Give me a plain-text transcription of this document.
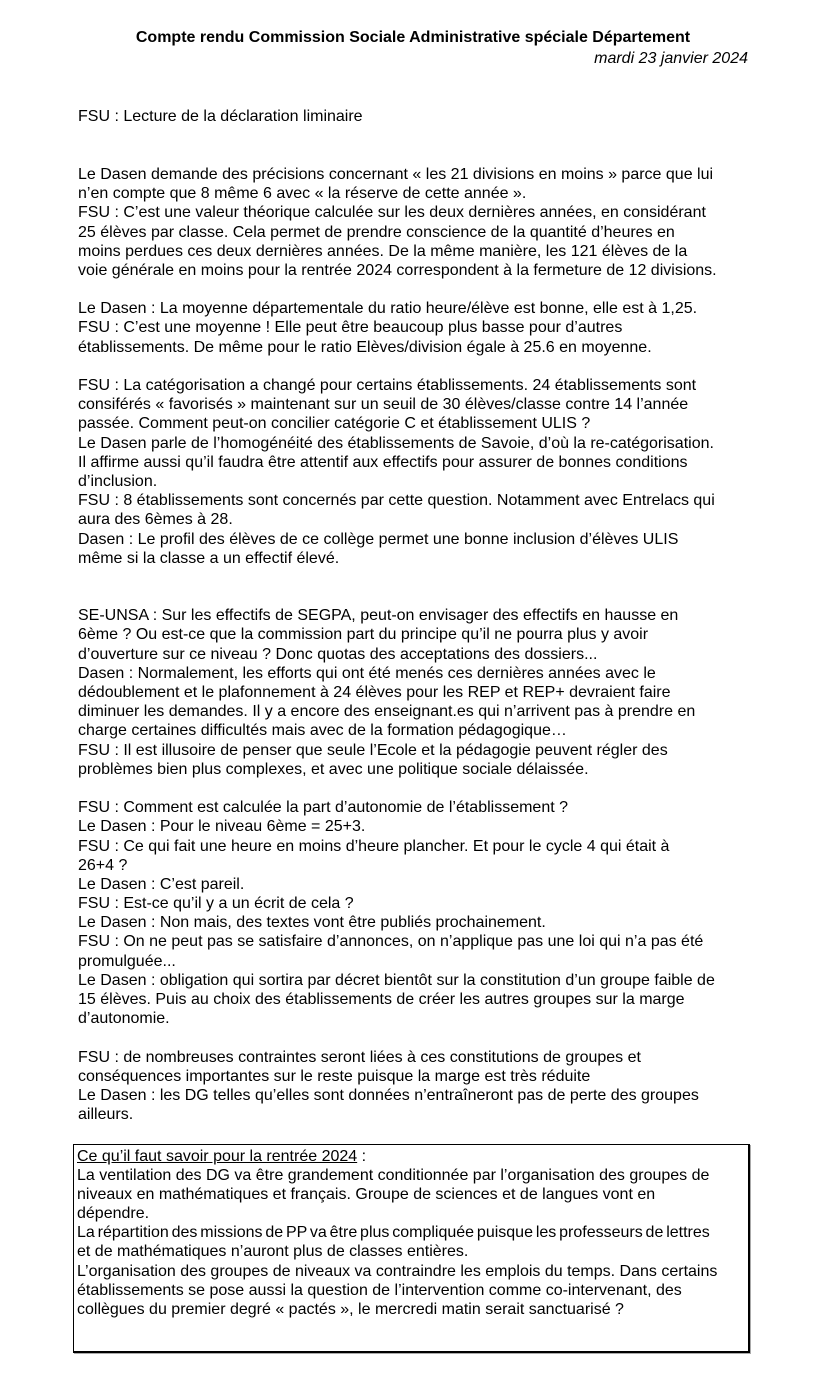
Compte rendu Commission Sociale Administrative spéciale Département
mardi 23 janvier 2024
FSU : Lecture de la déclaration liminaire
Le Dasen demande des précisions concernant « les 21 divisions en moins » parce que lui
n’en compte que 8 même 6 avec « la réserve de cette année ».
FSU : C’est une valeur théorique calculée sur les deux dernières années, en considérant
25 élèves par classe. Cela permet de prendre conscience de la quantité d’heures en
moins perdues ces deux dernières années. De la même manière, les 121 élèves de la
voie générale en moins pour la rentrée 2024 correspondent à la fermeture de 12 divisions.
Le Dasen : La moyenne départementale du ratio heure/élève est bonne, elle est à 1,25.
FSU : C’est une moyenne ! Elle peut être beaucoup plus basse pour d’autres
établissements. De même pour le ratio Elèves/division égale à 25.6 en moyenne.
FSU : La catégorisation a changé pour certains établissements. 24 établissements sont
consiférés « favorisés » maintenant sur un seuil de 30 élèves/classe contre 14 l’année
passée. Comment peut-on concilier catégorie C et établissement ULIS ?
Le Dasen parle de l’homogénéité des établissements de Savoie, d’où la re-catégorisation.
Il affirme aussi qu’il faudra être attentif aux effectifs pour assurer de bonnes conditions
d’inclusion.
FSU : 8 établissements sont concernés par cette question. Notamment avec Entrelacs qui
aura des 6èmes à 28.
Dasen : Le profil des élèves de ce collège permet une bonne inclusion d’élèves ULIS
même si la classe a un effectif élevé.
SE-UNSA : Sur les effectifs de SEGPA, peut-on envisager des effectifs en hausse en
6ème ? Ou est-ce que la commission part du principe qu’il ne pourra plus y avoir
d’ouverture sur ce niveau ? Donc quotas des acceptations des dossiers...
Dasen : Normalement, les efforts qui ont été menés ces dernières années avec le
dédoublement et le plafonnement à 24 élèves pour les REP et REP+ devraient faire
diminuer les demandes. Il y a encore des enseignant.es qui n’arrivent pas à prendre en
charge certaines difficultés mais avec de la formation pédagogique…
FSU : Il est illusoire de penser que seule l’Ecole et la pédagogie peuvent régler des
problèmes bien plus complexes, et avec une politique sociale délaissée.
FSU : Comment est calculée la part d’autonomie de l’établissement ?
Le Dasen : Pour le niveau 6ème = 25+3.
FSU : Ce qui fait une heure en moins d’heure plancher. Et pour le cycle 4 qui était à
26+4 ?
Le Dasen : C’est pareil.
FSU : Est-ce qu’il y a un écrit de cela ?
Le Dasen : Non mais, des textes vont être publiés prochainement.
FSU : On ne peut pas se satisfaire d’annonces, on n’applique pas une loi qui n’a pas été
promulguée...
Le Dasen : obligation qui sortira par décret bientôt sur la constitution d’un groupe faible de
15 élèves. Puis au choix des établissements de créer les autres groupes sur la marge
d’autonomie.
FSU : de nombreuses contraintes seront liées à ces constitutions de groupes et
conséquences importantes sur le reste puisque la marge est très réduite
Le Dasen : les DG telles qu’elles sont données n’entraîneront pas de perte des groupes
ailleurs.
Ce qu’il faut savoir pour la rentrée 2024 :
La ventilation des DG va être grandement conditionnée par l’organisation des groupes de
niveaux en mathématiques et français. Groupe de sciences et de langues vont en
dépendre.
La répartition des missions de PP va être plus compliquée puisque les professeurs de lettres
et de mathématiques n’auront plus de classes entières.
L’organisation des groupes de niveaux va contraindre les emplois du temps. Dans certains
établissements se pose aussi la question de l’intervention comme co-intervenant, des
collègues du premier degré « pactés », le mercredi matin serait sanctuarisé ?
